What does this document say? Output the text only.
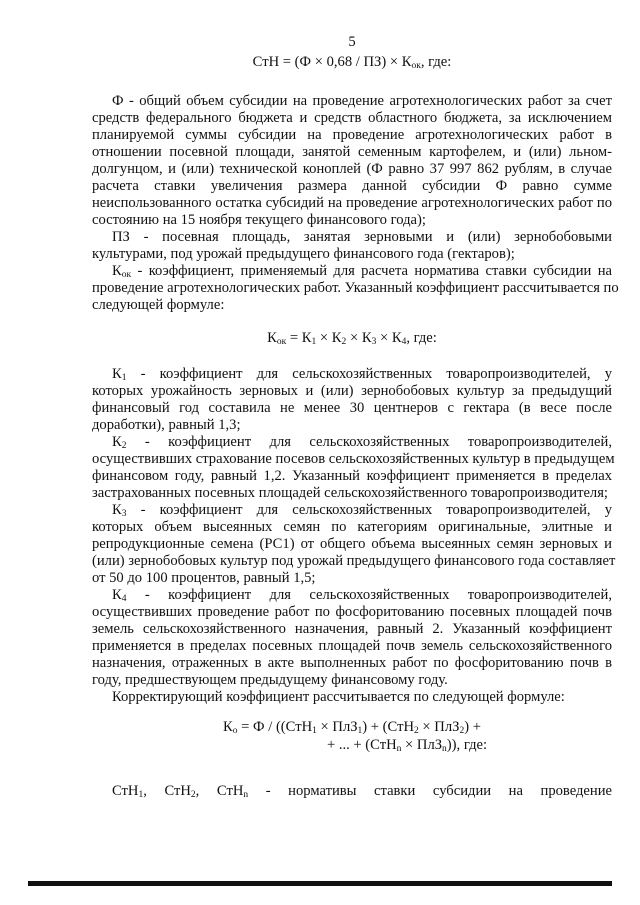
5
СтН = $(Ф \times 0,68 / ПЗ) \times К_{ок}$, где:
Ф - общий объем субсидии на проведение агротехнологических работ за счет
средств федерального бюджета и средств областного бюджета, за исключением
планируемой суммы субсидии на проведение агротехнологических работ в
отношении посевной площади, занятой семенным картофелем, и (или) льном-
долгунцом, и (или) технической коноплей (Ф равно 37 997 862 рублям, в случае
расчета ставки увеличения размера данной субсидии Ф равно сумме
неиспользованного остатка субсидий на проведение агротехнологических работ по
состоянию на 15 ноября текущего финансового года);
ПЗ - посевная площадь, занятая зерновыми и (или) зернобобовыми
культурами, под урожай предыдущего финансового года (гектаров);
$К_{ок}$ - коэффициент, применяемый для расчета норматива ставки субсидии на
проведение агротехнологических работ. Указанный коэффициент рассчитывается по
следующей формуле:
$К_{ок} = К_1 \times К_2 \times К_3 \times К_4$, где:
$К_1$ - коэффициент для сельскохозяйственных товаропроизводителей, у
которых урожайность зерновых и (или) зернобобовых культур за предыдущий
финансовый год составила не менее 30 центнеров с гектара (в весе после
доработки), равный 1,3;
$К_2$ - коэффициент для сельскохозяйственных товаропроизводителей,
осуществивших страхование посевов сельскохозяйственных культур в предыдущем
финансовом году, равный 1,2. Указанный коэффициент применяется в пределах
застрахованных посевных площадей сельскохозяйственного товаропроизводителя;
$К_3$ - коэффициент для сельскохозяйственных товаропроизводителей, у
которых объем высеянных семян по категориям оригинальные, элитные и
репродукционные семена (РС1) от общего объема высеянных семян зерновых и
(или) зернобобовых культур под урожай предыдущего финансового года составляет
от 50 до 100 процентов, равный 1,5;
$К_4$ - коэффициент для сельскохозяйственных товаропроизводителей,
осуществивших проведение работ по фосфоритованию посевных площадей почв
земель сельскохозяйственного назначения, равный 2. Указанный коэффициент
применяется в пределах посевных площадей почв земель сельскохозяйственного
назначения, отраженных в акте выполненных работ по фосфоритованию почв в
году, предшествующем предыдущему финансовому году.
Корректирующий коэффициент рассчитывается по следующей формуле:
$К_о = Ф / ((СтН_1 \times ПлЗ_1) + (СтН_2 \times ПлЗ_2)$ +
+ ... + (СтН$_n$ × ПлЗ$_n$)), где:
СтН$_1$, СтН$_2$, СтН$_n$ - нормативы ставки субсидии на проведение
